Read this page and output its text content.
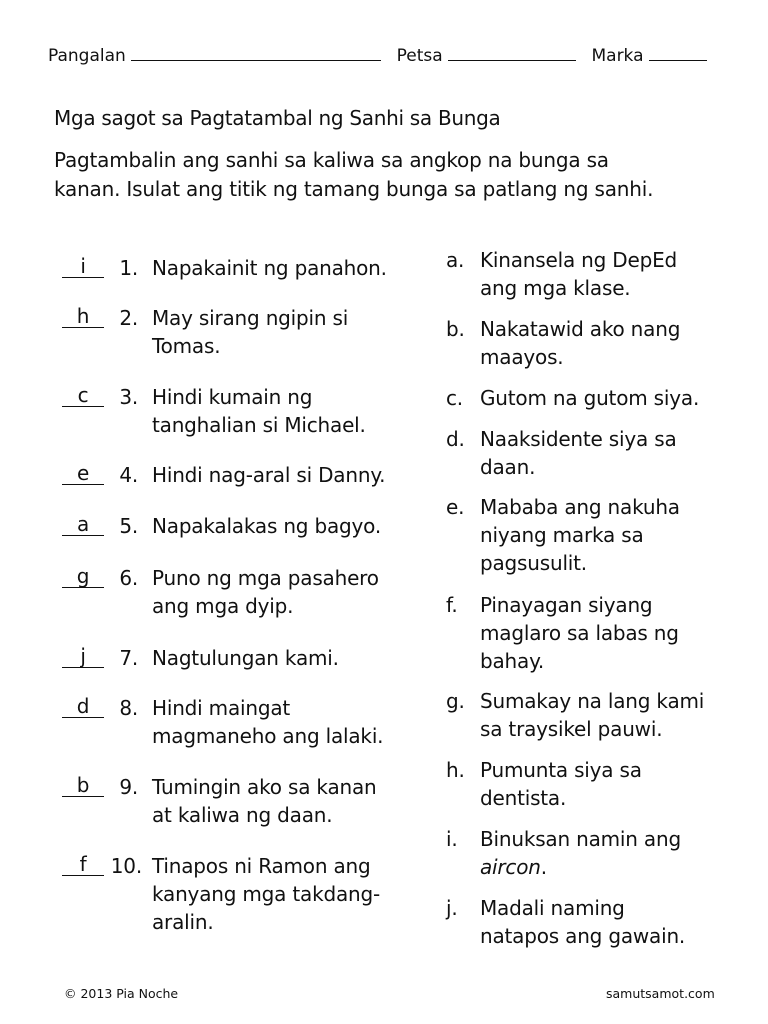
Pangalan	Petsa	Marka
Mga sagot sa Pagtatambal ng Sanhi sa Bunga
Pagtambalin ang sanhi sa kaliwa sa angkop na bunga sa
kanan. Isulat ang titik ng tamang bunga sa patlang ng sanhi.
i	1. Napakainit ng panahon.
h	2. May sirang ngipin si
Tomas.
c	3. Hindi kumain ng
tanghalian si Michael.
e	4. Hindi nag-aral si Danny.
a	5. Napakalakas ng bagyo.
g	6. Puno ng mga pasahero
ang mga dyip.
j	7. Nagtulungan kami.
d	8. Hindi maingat
magmaneho ang lalaki.
b	9. Tumingin ako sa kanan
at kaliwa ng daan.
f	10. Tinapos ni Ramon ang
kanyang mga takdang-
aralin.
a. Kinansela ng DepEd
ang mga klase.
b. Nakatawid ako nang
maayos.
c. Gutom na gutom siya.
d. Naaksidente siya sa
daan.
e. Mababa ang nakuha
niyang marka sa
pagsusulit.
f.	Pinayagan siyang
maglaro sa labas ng
bahay.
g. Sumakay na lang kami
sa traysikel pauwi.
h. Pumunta siya sa
dentista.
i.	Binuksan namin ang
aircon.
j.	Madali naming
natapos ang gawain.
© 2013 Pia Noche	samutsamot.com
